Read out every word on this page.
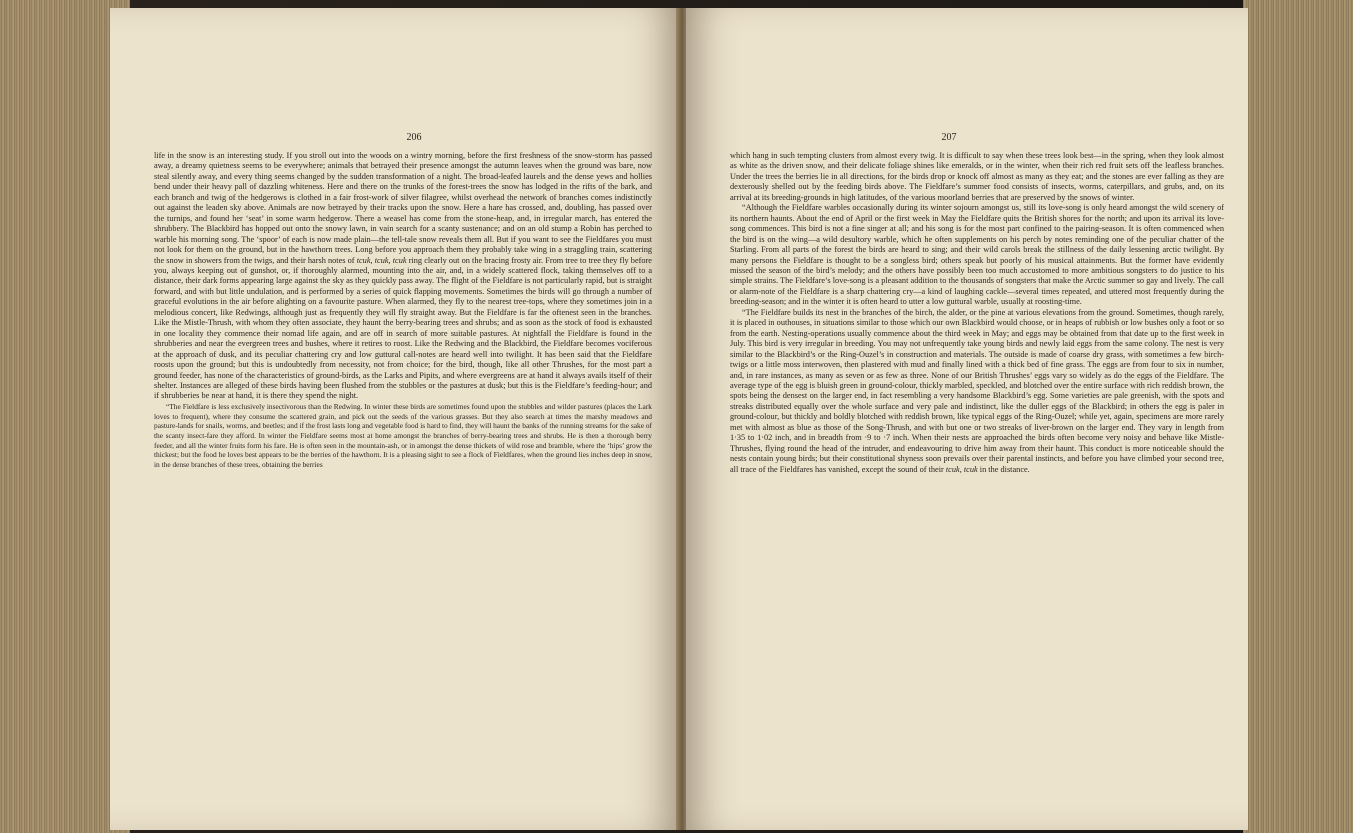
206

life in the snow is an interesting study. If you stroll out into the woods on a wintry morning, before the first freshness of the snow-storm has passed away, a dreamy quietness seems to be everywhere; animals that betrayed their presence amongst the autumn leaves when the ground was bare, now steal silently away, and every thing seems changed by the sudden transformation of a night. The broad-leafed laurels and the dense yews and hollies bend under their heavy pall of dazzling whiteness. Here and there on the trunks of the forest-trees the snow has lodged in the rifts of the bark, and each branch and twig of the hedgerows is clothed in a fair frost-work of silver filagree, whilst overhead the network of branches comes indistinctly out against the leaden sky above. Animals are now betrayed by their tracks upon the snow. Here a hare has crossed, and, doubling, has passed over the turnips, and found her ‘seat’ in some warm hedgerow. There a weasel has come from the stone-heap, and, in irregular march, has entered the shrubbery. The Blackbird has hopped out onto the snowy lawn, in vain search for a scanty sustenance; and on an old stump a Robin has perched to warble his morning song. The ‘spoor’ of each is now made plain—the tell-tale snow reveals them all. But if you want to see the Fieldfares you must not look for them on the ground, but in the hawthorn trees. Long before you approach them they probably take wing in a straggling train, scattering the snow in showers from the twigs, and their harsh notes of tcuk, tcuk, tcuk ring clearly out on the bracing frosty air. From tree to tree they fly before you, always keeping out of gunshot, or, if thoroughly alarmed, mounting into the air, and, in a widely scattered flock, taking themselves off to a distance, their dark forms appearing large against the sky as they quickly pass away. The flight of the Fieldfare is not particularly rapid, but is straight forward, and with but little undulation, and is performed by a series of quick flapping movements. Sometimes the birds will go through a number of graceful evolutions in the air before alighting on a favourite pasture. When alarmed, they fly to the nearest tree-tops, where they sometimes join in a melodious concert, like Redwings, although just as frequently they will fly straight away. But the Fieldfare is far the oftenest seen in the branches. Like the Mistle-Thrush, with whom they often associate, they haunt the berry-bearing trees and shrubs; and as soon as the stock of food is exhausted in one locality they commence their nomad life again, and are off in search of more suitable pastures. At nightfall the Fieldfare is found in the shrubberies and near the evergreen trees and bushes, where it retires to roost. Like the Redwing and the Blackbird, the Fieldfare becomes vociferous at the approach of dusk, and its peculiar chattering cry and low guttural call-notes are heard well into twilight. It has been said that the Fieldfare roosts upon the ground; but this is undoubtedly from necessity, not from choice; for the bird, though, like all other Thrushes, for the most part a ground feeder, has none of the characteristics of ground-birds, as the Larks and Pipits, and where evergreens are at hand it always avails itself of their shelter. Instances are alleged of these birds having been flushed from the stubbles or the pastures at dusk; but this is the Fieldfare’s feeding-hour; and if shrubberies be near at hand, it is there they spend the night.

“The Fieldfare is less exclusively insectivorous than the Redwing. In winter these birds are sometimes found upon the stubbles and wilder pastures (places the Lark loves to frequent), where they consume the scattered grain, and pick out the seeds of the various grasses. But they also search at times the marshy meadows and pasture-lands for snails, worms, and beetles; and if the frost lasts long and vegetable food is hard to find, they will haunt the banks of the running streams for the sake of the scanty insect-fare they afford. In winter the Fieldfare seems most at home amongst the branches of berry-bearing trees and shrubs. He is then a thorough berry feeder, and all the winter fruits form his fare. He is often seen in the mountain-ash, or in amongst the dense thickets of wild rose and bramble, where the ‘hips’ grow the thickest; but the food he loves best appears to be the berries of the hawthorn. It is a pleasing sight to see a flock of Fieldfares, when the ground lies inches deep in snow, in the dense branches of these trees, obtaining the berries

207

which hang in such tempting clusters from almost every twig. It is difficult to say when these trees look best—in the spring, when they look almost as white as the driven snow, and their delicate foliage shines like emeralds, or in the winter, when their rich red fruit sets off the leafless branches. Under the trees the berries lie in all directions, for the birds drop or knock off almost as many as they eat; and the stones are ever falling as they are dexterously shelled out by the feeding birds above. The Fieldfare’s summer food consists of insects, worms, caterpillars, and grubs, and, on its arrival at its breeding-grounds in high latitudes, of the various moorland berries that are preserved by the snows of winter.

“Although the Fieldfare warbles occasionally during its winter sojourn amongst us, still its love-song is only heard amongst the wild scenery of its northern haunts. About the end of April or the first week in May the Fieldfare quits the British shores for the north; and upon its arrival its love-song commences. This bird is not a fine singer at all; and his song is for the most part confined to the pairing-season. It is often commenced when the bird is on the wing—a wild desultory warble, which he often supplements on his perch by notes reminding one of the peculiar chatter of the Starling. From all parts of the forest the birds are heard to sing; and their wild carols break the stillness of the daily lessening arctic twilight. By many persons the Fieldfare is thought to be a songless bird; others speak but poorly of his musical attainments. But the former have evidently missed the season of the bird’s melody; and the others have possibly been too much accustomed to more ambitious songsters to do justice to his simple strains. The Fieldfare’s love-song is a pleasant addition to the thousands of songsters that make the Arctic summer so gay and lively. The call or alarm-note of the Fieldfare is a sharp chattering cry—a kind of laughing cackle—several times repeated, and uttered most frequently during the breeding-season; and in the winter it is often heard to utter a low guttural warble, usually at roosting-time.

“The Fieldfare builds its nest in the branches of the birch, the alder, or the pine at various elevations from the ground. Sometimes, though rarely, it is placed in outhouses, in situations similar to those which our own Blackbird would choose, or in heaps of rubbish or low bushes only a foot or so from the earth. Nesting-operations usually commence about the third week in May; and eggs may be obtained from that date up to the first week in July. This bird is very irregular in breeding. You may not unfrequently take young birds and newly laid eggs from the same colony. The nest is very similar to the Blackbird’s or the Ring-Ouzel’s in construction and materials. The outside is made of coarse dry grass, with sometimes a few birch-twigs or a little moss interwoven, then plastered with mud and finally lined with a thick bed of fine grass. The eggs are from four to six in number, and, in rare instances, as many as seven or as few as three. None of our British Thrushes’ eggs vary so widely as do the eggs of the Fieldfare. The average type of the egg is bluish green in ground-colour, thickly marbled, speckled, and blotched over the entire surface with rich reddish brown, the spots being the densest on the larger end, in fact resembling a very handsome Blackbird’s egg. Some varieties are pale greenish, with the spots and streaks distributed equally over the whole surface and very pale and indistinct, like the duller eggs of the Blackbird; in others the egg is paler in ground-colour, but thickly and boldly blotched with reddish brown, like typical eggs of the Ring-Ouzel; while yet, again, specimens are more rarely met with almost as blue as those of the Song-Thrush, and with but one or two streaks of liver-brown on the larger end. They vary in length from 1·35 to 1·02 inch, and in breadth from ·9 to ·7 inch. When their nests are approached the birds often become very noisy and behave like Mistle-Thrushes, flying round the head of the intruder, and endeavouring to drive him away from their haunt. This conduct is more noticeable should the nests contain young birds; but their constitutional shyness soon prevails over their parental instincts, and before you have climbed your second tree, all trace of the Fieldfares has vanished, except the sound of their tcuk, tcuk in the distance.
